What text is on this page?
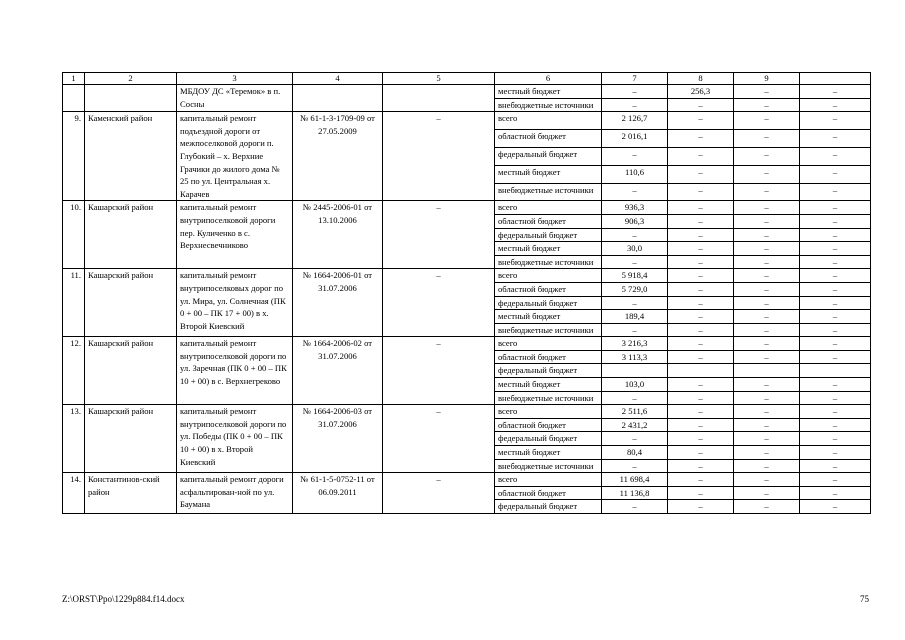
1	2	3	4	5	6	7	8	9	
		МБДОУ ДС «Теремок» в п. Сосны			местный бюджет	–	256,3	–	–
					внебюджетные источники	–	–	–	–
9.	Каменский район	капитальный ремонт подъездной дороги от межпоселковой дороги п. Глубокий – х. Верхние Грачики до жилого дома № 25 по ул. Центральная х. Карачев	№ 61-1-3-1709-09 от 27.05.2009	–	всего	2 126,7	–	–	–
					областной бюджет	2 016,1	–	–	–
					федеральный бюджет	–	–	–	–
					местный бюджет	110,6	–	–	–
					внебюджетные источники	–	–	–	–
10.	Кашарский район	капитальный ремонт внутрипоселковой дороги пер. Куличенко в с. Верхнесвечниково	№ 2445-2006-01 от 13.10.2006	–	всего	936,3	–	–	–
					областной бюджет	906,3	–	–	–
					федеральный бюджет	–	–	–	–
					местный бюджет	30,0	–	–	–
					внебюджетные источники	–	–	–	–
11.	Кашарский район	капитальный ремонт внутрипоселковых дорог по ул. Мира, ул. Солнечная (ПК 0 + 00 – ПК 17 + 00) в х. Второй Киевский	№ 1664-2006-01 от 31.07.2006	–	всего	5 918,4	–	–	–
					областной бюджет	5 729,0	–	–	–
					федеральный бюджет	–	–	–	–
					местный бюджет	189,4	–	–	–
					внебюджетные источники	–	–	–	–
12.	Кашарский район	капитальный ремонт внутрипоселковой дороги по ул. Заречная (ПК 0 + 00 – ПК 10 + 00) в с. Верхнегреково	№ 1664-2006-02 от 31.07.2006	–	всего	3 216,3	–	–	–
					областной бюджет	3 113,3	–	–	–
					федеральный бюджет				
					местный бюджет	103,0	–	–	–
					внебюджетные источники	–	–	–	–
13.	Кашарский район	капитальный ремонт внутрипоселковой дороги по ул. Победы (ПК 0 + 00 – ПК 10 + 00) в х. Второй Киевский	№ 1664-2006-03 от 31.07.2006	–	всего	2 511,6	–	–	–
					областной бюджет	2 431,2	–	–	–
					федеральный бюджет	–	–	–	–
					местный бюджет	80,4	–	–	–
					внебюджетные источники	–	–	–	–
14.	Константинов-ский район	капитальный ремонт дороги асфальтирован-ной по ул. Баумана	№ 61-1-5-0752-11 от 06.09.2011	–	всего	11 698,4	–	–	–
					областной бюджет	11 136,8	–	–	–
					федеральный бюджет	–	–	–	–
Z:\ORST\Ppo\1229p884.f14.docx	75
